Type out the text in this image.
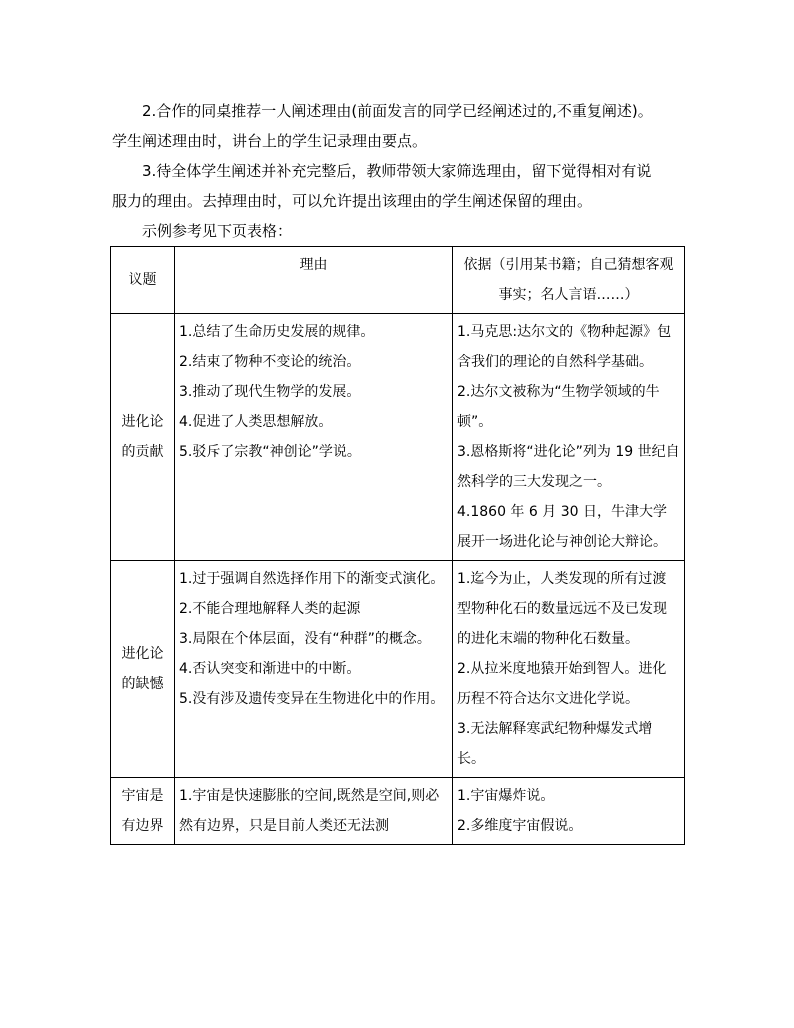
　　2.合作的同桌推荐一人阐述理由(前面发言的同学已经阐述过的,不重复阐述)。
学生阐述理由时，讲台上的学生记录理由要点。
　　3.待全体学生阐述并补充完整后，教师带领大家筛选理由，留下觉得相对有说
服力的理由。去掉理由时，可以允许提出该理由的学生阐述保留的理由。
　　示例参考见下页表格：
议题	理由	依据（引用某书籍；自己猜想客观事实；名人言语……）
进化论的贡献	1.总结了生命历史发展的规律。
2.结束了物种不变论的统治。
3.推动了现代生物学的发展。
4.促进了人类思想解放。
5.驳斥了宗教“神创论”学说。	1.马克思:达尔文的《物种起源》包含我们的理论的自然科学基础。
2.达尔文被称为“生物学领域的牛顿”。
3.恩格斯将“进化论”列为 19 世纪自然科学的三大发现之一。
4.1860 年 6 月 30 日，牛津大学展开一场进化论与神创论大辩论。

进化论的缺憾	1.过于强调自然选择作用下的渐变式演化。
2.不能合理地解释人类的起源
3.局限在个体层面，没有“种群”的概念。
4.否认突变和渐进中的中断。
5.没有涉及遗传变异在生物进化中的作用。	1.迄今为止，人类发现的所有过渡型物种化石的数量远远不及已发现的进化末端的物种化石数量。
2.从拉米度地猿开始到智人。进化历程不符合达尔文进化学说。
3.无法解释寒武纪物种爆发式增长。

宇宙是有边界	1.宇宙是快速膨胀的空间,既然是空间,则必然有边界，只是目前人类还无法测	1.宇宙爆炸说。
2.多维度宇宙假说。
